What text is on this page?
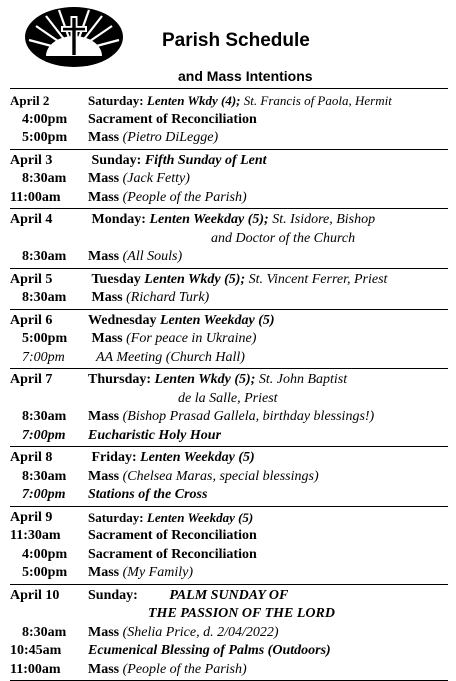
Parish Schedule
and Mass Intentions
April 2	Saturday: Lenten Wkdy (4); St. Francis of Paola, Hermit
4:00pm	Sacrament of Reconciliation
5:00pm	Mass (Pietro DiLegge)
April 3	Sunday: Fifth Sunday of Lent
8:30am	Mass (Jack Fetty)
11:00am	Mass (People of the Parish)
April 4	Monday: Lenten Weekday (5); St. Isidore, Bishop
and Doctor of the Church
8:30am	Mass (All Souls)
April 5	Tuesday Lenten Wkdy (5); St. Vincent Ferrer, Priest
8:30am	Mass (Richard Turk)
April 6	Wednesday Lenten Weekday (5)
5:00pm	Mass (For peace in Ukraine)
7:00pm	AA Meeting (Church Hall)
April 7	Thursday: Lenten Wkdy (5); St. John Baptist
de la Salle, Priest
8:30am	Mass (Bishop Prasad Gallela, birthday blessings!)
7:00pm	Eucharistic Holy Hour
April 8	Friday: Lenten Weekday (5)
8:30am	Mass (Chelsea Maras, special blessings)
7:00pm	Stations of the Cross
April 9	Saturday: Lenten Weekday (5)
11:30am	Sacrament of Reconciliation
4:00pm	Sacrament of Reconciliation
5:00pm	Mass (My Family)
April 10	Sunday: PALM SUNDAY OF
THE PASSION OF THE LORD
8:30am	Mass (Shelia Price, d. 2/04/2022)
10:45am	Ecumenical Blessing of Palms (Outdoors)
11:00am	Mass (People of the Parish)
